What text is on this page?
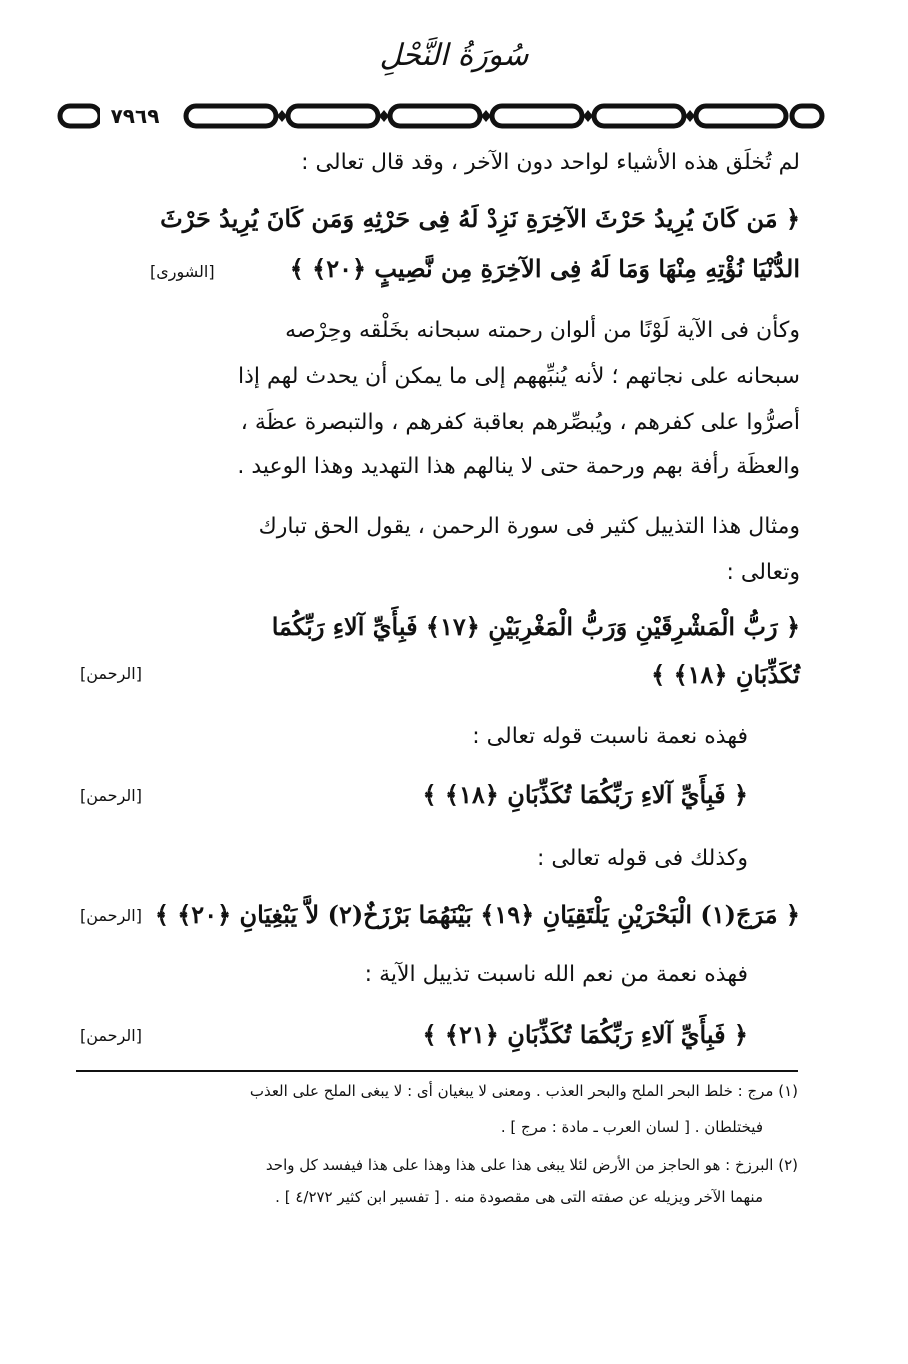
سُورَةُ النَّحْلِ
٧٩٦٩
لم تُخلَق هذه الأشياء لواحد دون الآخر ، وقد قال تعالى :
﴿ مَن كَانَ يُرِيدُ حَرْثَ الآخِرَةِ نَزِدْ لَهُ فِى حَرْثِهِ وَمَن كَانَ يُرِيدُ حَرْثَ
الدُّنْيَا نُؤْتِهِ مِنْهَا وَمَا لَهُ فِى الآخِرَةِ مِن نَّصِيبٍ ﴿٢٠﴾ ﴾
[الشورى]
وكأن فى الآية لَوْنًا من ألوان رحمته سبحانه بخَلْقه وحِرْصه
سبحانه على نجاتهم ؛ لأنه يُنبِّههم إلى ما يمكن أن يحدث لهم إذا
أصرُّوا على كفرهم ، ويُبصِّرهم بعاقبة كفرهم ، والتبصرة عظَة ،
والعظَة رأفة بهم ورحمة حتى لا ينالهم هذا التهديد وهذا الوعيد .
ومثال هذا التذييل كثير فى سورة الرحمن ، يقول الحق تبارك
وتعالى :
﴿ رَبُّ الْمَشْرِقَيْنِ وَرَبُّ الْمَغْرِبَيْنِ ﴿١٧﴾ فَبِأَيِّ آلاءِ رَبِّكُمَا
تُكَذِّبَانِ ﴿١٨﴾ ﴾
[الرحمن]
فهذه نعمة ناسبت قوله تعالى :
﴿ فَبِأَيِّ آلاءِ رَبِّكُمَا تُكَذِّبَانِ ﴿١٨﴾ ﴾
[الرحمن]
وكذلك فى قوله تعالى :
﴿ مَرَجَ(١) الْبَحْرَيْنِ يَلْتَقِيَانِ ﴿١٩﴾ بَيْنَهُمَا بَرْزَخٌ(٢) لاَّ يَبْغِيَانِ ﴿٢٠﴾ ﴾
[الرحمن]
فهذه نعمة من نعم الله ناسبت تذييل الآية :
﴿ فَبِأَيِّ آلاءِ رَبِّكُمَا تُكَذِّبَانِ ﴿٢١﴾ ﴾
[الرحمن]
(١) مرج : خلط البحر الملح والبحر العذب . ومعنى لا يبغيان أى : لا يبغى الملح على العذب
فيختلطان . [ لسان العرب ـ مادة : مرج ] .
(٢) البرزخ : هو الحاجز من الأرض لئلا يبغى هذا على هذا وهذا على هذا فيفسد كل واحد
منهما الآخر ويزيله عن صفته التى هى مقصودة منه . [ تفسير ابن كثير ٤/٢٧٢ ] .
